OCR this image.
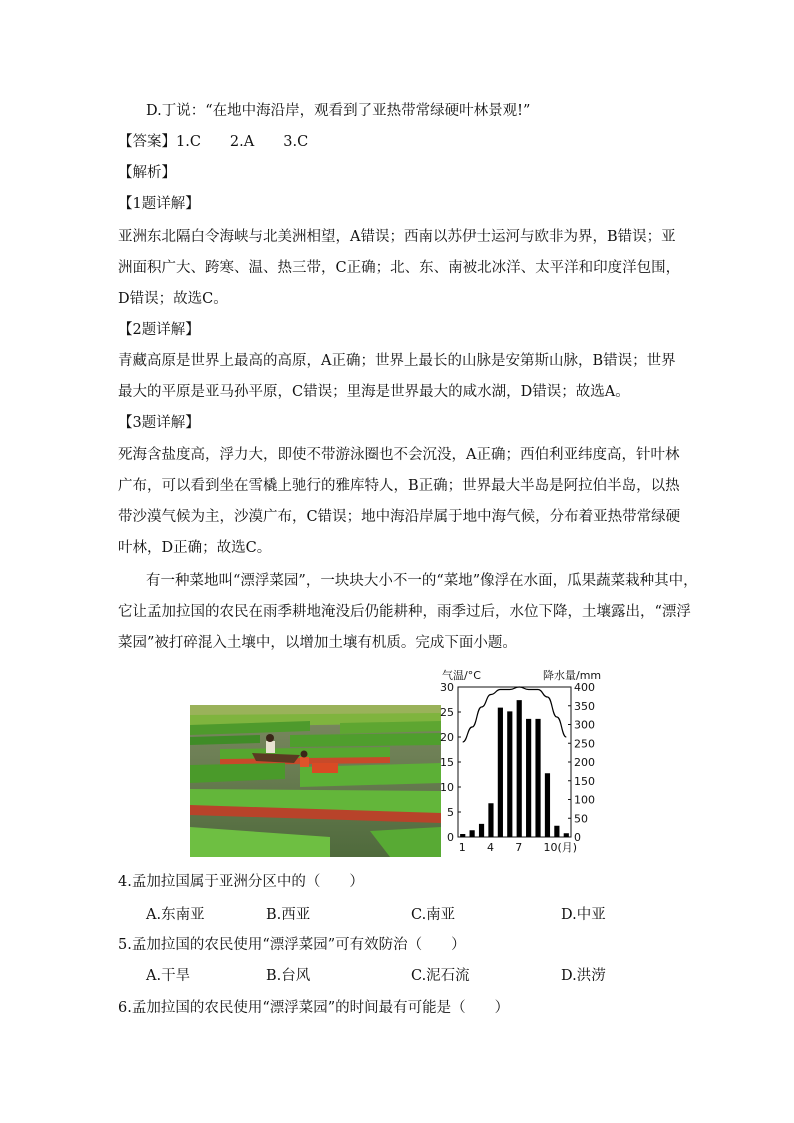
D.丁说：“在地中海沿岸，观看到了亚热带常绿硬叶林景观!”
【答案】1.C　　2.A　　3.C
【解析】
【1题详解】
亚洲东北隔白令海峡与北美洲相望，A错误；西南以苏伊士运河与欧非为界，B错误；亚
洲面积广大、跨寒、温、热三带，C正确；北、东、南被北冰洋、太平洋和印度洋包围，
D错误；故选C。
【2题详解】
青藏高原是世界上最高的高原，A正确；世界上最长的山脉是安第斯山脉，B错误；世界
最大的平原是亚马孙平原，C错误；里海是世界最大的咸水湖，D错误；故选A。
【3题详解】
死海含盐度高，浮力大，即使不带游泳圈也不会沉没，A正确；西伯利亚纬度高，针叶林
广布，可以看到坐在雪橇上驰行的雅库特人，B正确；世界最大半岛是阿拉伯半岛，以热
带沙漠气候为主，沙漠广布，C错误；地中海沿岸属于地中海气候，分布着亚热带常绿硬
叶林，D正确；故选C。
有一种菜地叫“漂浮菜园”，一块块大小不一的“菜地”像浮在水面，瓜果蔬菜栽种其中，
它让孟加拉国的农民在雨季耕地淹没后仍能耕种，雨季过后，水位下降，土壤露出，“漂浮
菜园”被打碎混入土壤中，以增加土壤有机质。完成下面小题。
气温/°C	降水量/mm
0
5
10
15
20
25
30
0
50
100
150
200
250
300
350
400
1 4 7 10(月)
4.孟加拉国属于亚洲分区中的（　　）
A.东南亚	B.西亚	C.南亚	D.中亚
5.孟加拉国的农民使用“漂浮菜园”可有效防治（　　）
A.干旱	B.台风	C.泥石流	D.洪涝
6.孟加拉国的农民使用“漂浮菜园”的时间最有可能是（　　）
